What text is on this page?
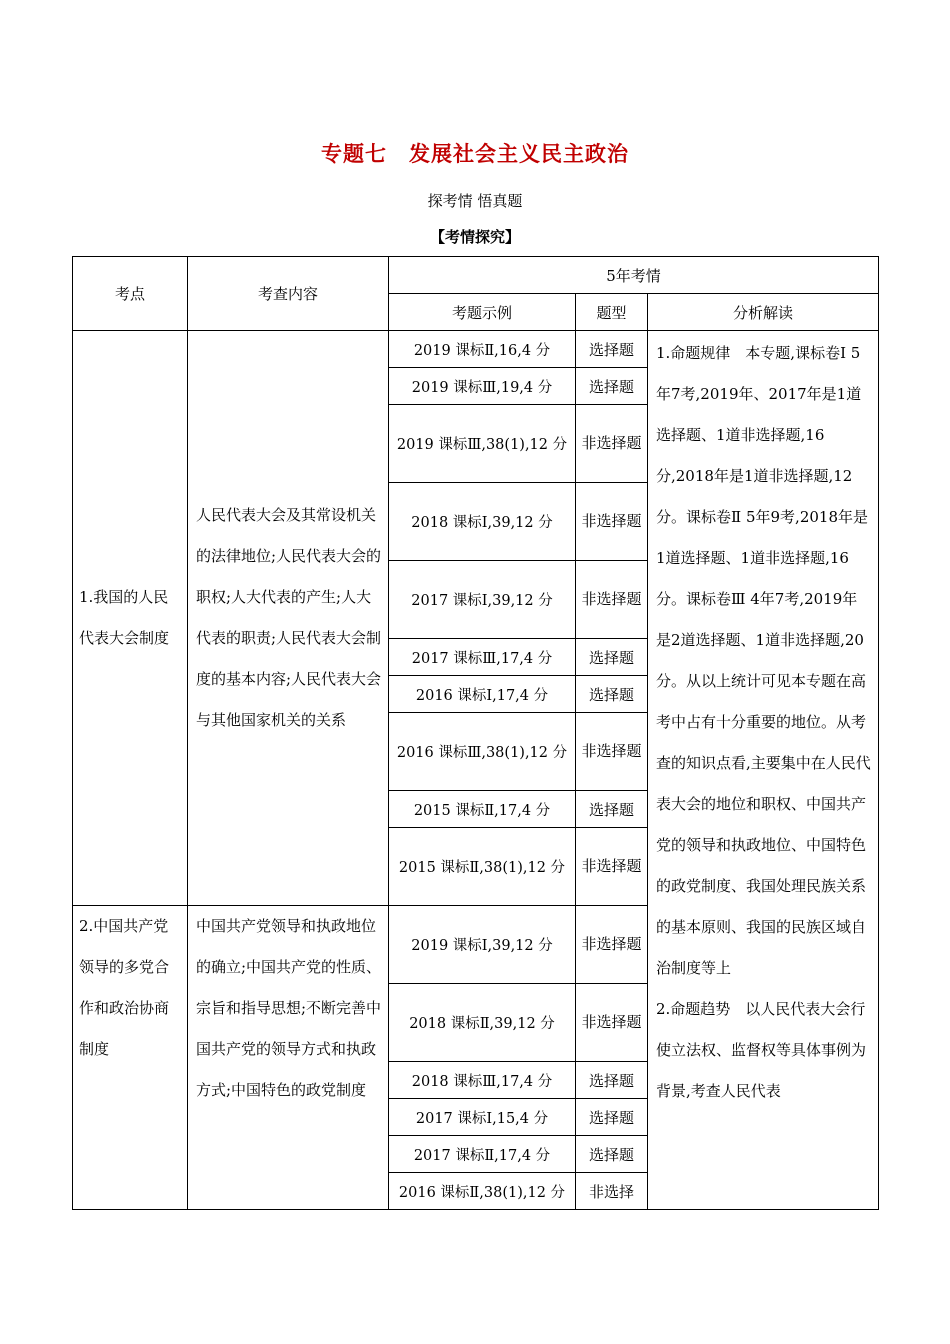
专题七　发展社会主义民主政治
探考情 悟真题
【考情探究】
考点	考查内容	5年考情		
		考题示例	题型	分析解读
1.我国的人民代表大会制度	人民代表大会及其常设机关的法律地位;人民代表大会的职权;人大代表的产生;人大代表的职责;人民代表大会制度的基本内容;人民代表大会与其他国家机关的关系	2019 课标Ⅱ,16,4 分	选择题	1.命题规律　本专题,课标卷Ⅰ 5年7考,2019年、2017年是1道选择题、1道非选择题,16分,2018年是1道非选择题,12分。课标卷Ⅱ 5年9考,2018年是1道选择题、1道非选择题,16分。课标卷Ⅲ 4年7考,2019年是2道选择题、1道非选择题,20分。从以上统计可见本专题在高考中占有十分重要的地位。从考查的知识点看,主要集中在人民代表大会的地位和职权、中国共产党的领导和执政地位、中国特色的政党制度、我国处理民族关系的基本原则、我国的民族区域自治制度等上
2.命题趋势　以人民代表大会行使立法权、监督权等具体事例为背景,考查人民代表

		2019 课标Ⅲ,19,4 分	选择题	
		2019 课标Ⅲ,38(1),12 分	非选择题	
		2018 课标Ⅰ,39,12 分	非选择题	
		2017 课标Ⅰ,39,12 分	非选择题	
		2017 课标Ⅲ,17,4 分	选择题	
		2016 课标Ⅰ,17,4 分	选择题	
		2016 课标Ⅲ,38(1),12 分	非选择题	
		2015 课标Ⅱ,17,4 分	选择题	
		2015 课标Ⅱ,38(1),12 分	非选择题	
2.中国共产党领导的多党合作和政治协商制度	中国共产党领导和执政地位的确立;中国共产党的性质、宗旨和指导思想;不断完善中国共产党的领导方式和执政方式;中国特色的政党制度	2019 课标Ⅰ,39,12 分	非选择题	
		2018 课标Ⅱ,39,12 分	非选择题	
		2018 课标Ⅲ,17,4 分	选择题	
		2017 课标Ⅰ,15,4 分	选择题	
		2017 课标Ⅱ,17,4 分	选择题	
		2016 课标Ⅱ,38(1),12 分	非选择	
